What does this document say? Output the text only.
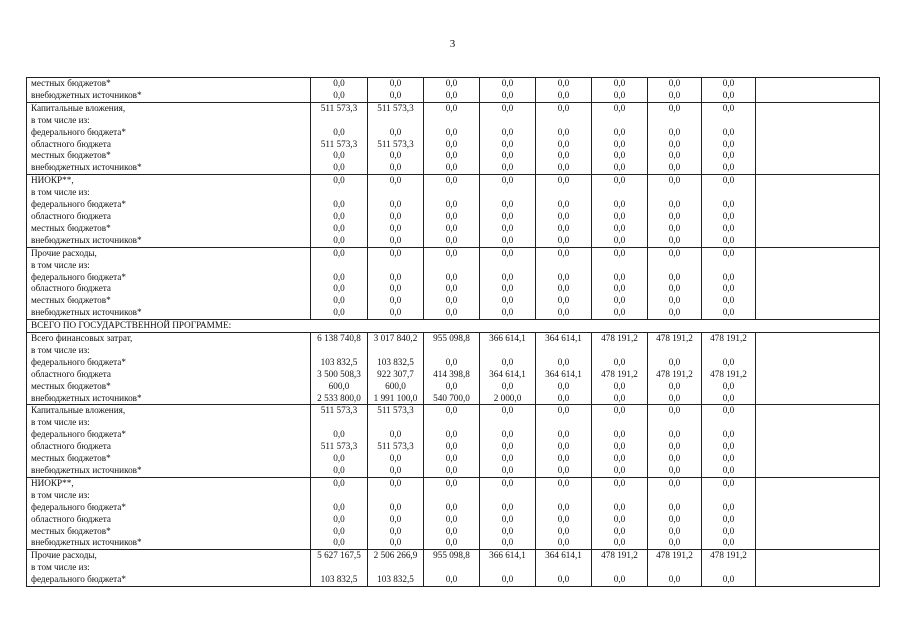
3
местных бюджетов*	0,0	0,0	0,0	0,0	0,0	0,0	0,0	0,0	
внебюджетных источников*	0,0	0,0	0,0	0,0	0,0	0,0	0,0	0,0	
Капитальные вложения,	511 573,3	511 573,3	0,0	0,0	0,0	0,0	0,0	0,0	
в том числе из:									
федерального бюджета*	0,0	0,0	0,0	0,0	0,0	0,0	0,0	0,0	
областного бюджета	511 573,3	511 573,3	0,0	0,0	0,0	0,0	0,0	0,0	
местных бюджетов*	0,0	0,0	0,0	0,0	0,0	0,0	0,0	0,0	
внебюджетных источников*	0,0	0,0	0,0	0,0	0,0	0,0	0,0	0,0	
НИОКР**,	0,0	0,0	0,0	0,0	0,0	0,0	0,0	0,0	
в том числе из:									
федерального бюджета*	0,0	0,0	0,0	0,0	0,0	0,0	0,0	0,0	
областного бюджета	0,0	0,0	0,0	0,0	0,0	0,0	0,0	0,0	
местных бюджетов*	0,0	0,0	0,0	0,0	0,0	0,0	0,0	0,0	
внебюджетных источников*	0,0	0,0	0,0	0,0	0,0	0,0	0,0	0,0	
Прочие расходы,	0,0	0,0	0,0	0,0	0,0	0,0	0,0	0,0	
в том числе из:									
федерального бюджета*	0,0	0,0	0,0	0,0	0,0	0,0	0,0	0,0	
областного бюджета	0,0	0,0	0,0	0,0	0,0	0,0	0,0	0,0	
местных бюджетов*	0,0	0,0	0,0	0,0	0,0	0,0	0,0	0,0	
внебюджетных источников*	0,0	0,0	0,0	0,0	0,0	0,0	0,0	0,0	
ВСЕГО ПО ГОСУДАРСТВЕННОЙ ПРОГРАММЕ:									
Всего финансовых затрат,	6 138 740,8	3 017 840,2	955 098,8	366 614,1	364 614,1	478 191,2	478 191,2	478 191,2	
в том числе из:									
федерального бюджета*	103 832,5	103 832,5	0,0	0,0	0,0	0,0	0,0	0,0	
областного бюджета	3 500 508,3	922 307,7	414 398,8	364 614,1	364 614,1	478 191,2	478 191,2	478 191,2	
местных бюджетов*	600,0	600,0	0,0	0,0	0,0	0,0	0,0	0,0	
внебюджетных источников*	2 533 800,0	1 991 100,0	540 700,0	2 000,0	0,0	0,0	0,0	0,0	
Капитальные вложения,	511 573,3	511 573,3	0,0	0,0	0,0	0,0	0,0	0,0	
в том числе из:									
федерального бюджета*	0,0	0,0	0,0	0,0	0,0	0,0	0,0	0,0	
областного бюджета	511 573,3	511 573,3	0,0	0,0	0,0	0,0	0,0	0,0	
местных бюджетов*	0,0	0,0	0,0	0,0	0,0	0,0	0,0	0,0	
внебюджетных источников*	0,0	0,0	0,0	0,0	0,0	0,0	0,0	0,0	
НИОКР**,	0,0	0,0	0,0	0,0	0,0	0,0	0,0	0,0	
в том числе из:									
федерального бюджета*	0,0	0,0	0,0	0,0	0,0	0,0	0,0	0,0	
областного бюджета	0,0	0,0	0,0	0,0	0,0	0,0	0,0	0,0	
местных бюджетов*	0,0	0,0	0,0	0,0	0,0	0,0	0,0	0,0	
внебюджетных источников*	0,0	0,0	0,0	0,0	0,0	0,0	0,0	0,0	
Прочие расходы,	5 627 167,5	2 506 266,9	955 098,8	366 614,1	364 614,1	478 191,2	478 191,2	478 191,2	
в том числе из:									
федерального бюджета*	103 832,5	103 832,5	0,0	0,0	0,0	0,0	0,0	0,0	
